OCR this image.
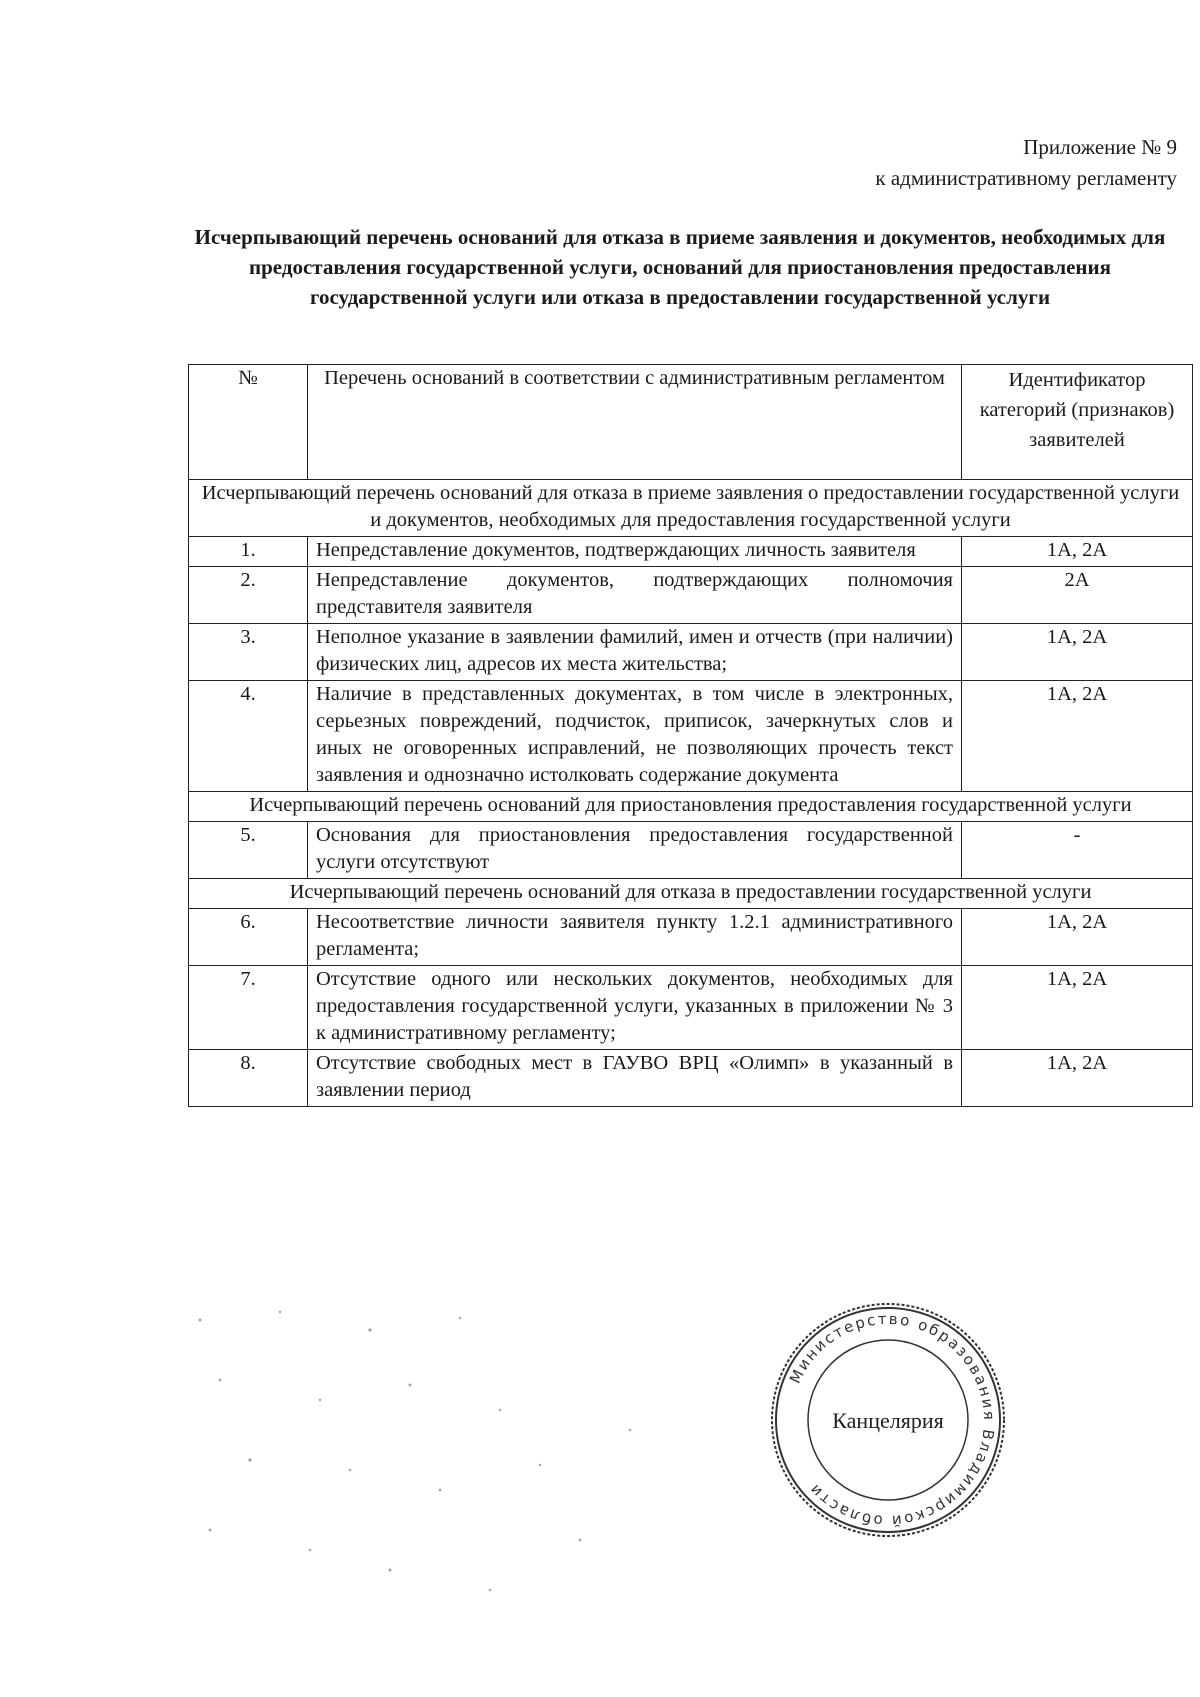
Приложение № 9
к административному регламенту
Исчерпывающий перечень оснований для отказа в приеме заявления и документов, необходимых для предоставления государственной услуги, оснований для приостановления предоставления государственной услуги или отказа в предоставлении государственной услуги
№	Перечень оснований в соответствии с административным регламентом	Идентификатор категорий (признаков) заявителей
Исчерпывающий перечень оснований для отказа в приеме заявления о предоставлении государственной услуги и документов, необходимых для предоставления государственной услуги		
1.	Непредставление документов, подтверждающих личность заявителя	1А, 2А
2.	Непредставление документов, подтверждающих полномочия представителя заявителя	2А
3.	Неполное указание в заявлении фамилий, имен и отчеств (при наличии) физических лиц, адресов их места жительства;	1А, 2А
4.	Наличие в представленных документах, в том числе в электронных, серьезных повреждений, подчисток, приписок, зачеркнутых слов и иных не оговоренных исправлений, не позволяющих прочесть текст заявления и однозначно истолковать содержание документа	1А, 2А
Исчерпывающий перечень оснований для приостановления предоставления государственной услуги		
5.	Основания для приостановления предоставления государственной услуги отсутствуют	-
Исчерпывающий перечень оснований для отказа в предоставлении государственной услуги		
6.	Несоответствие личности заявителя пункту 1.2.1 административного регламента;	1А, 2А
7.	Отсутствие одного или нескольких документов, необходимых для предоставления государственной услуги, указанных в приложении № 3 к административному регламенту;	1А, 2А
8.	Отсутствие свободных мест в ГАУВО ВРЦ «Олимп» в указанный в заявлении период	1А, 2А
Министерство образования Владимирской области
Канцелярия
